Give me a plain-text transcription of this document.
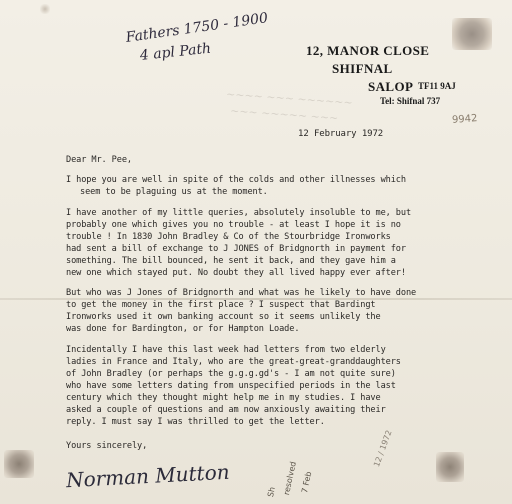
Fathers 1750 - 1900
4 apl Path	12, MANOR CLOSE
SHIFNAL
SALOP TF11 9AJ
Tel: Shifnal 737
~~~~ ~~~ ~~~~~~
~~~ ~~~~~ ~~~	9942
12 February 1972
Dear Mr. Pee,
I hope you are well in spite of the colds and other illnesses which
seem to be plaguing us at the moment.
I have another of my little queries, absolutely insoluble to me, but
probably one which gives you no trouble - at least I hope it is no
trouble ! In 1830 John Bradley & Co of the Stourbridge Ironworks
had sent a bill of exchange to J JONES of Bridgnorth in payment for
something. The bill bounced, he sent it back, and they gave him a
new one which stayed put. No doubt they all lived happy ever after!
But who was J Jones of Bridgnorth and what was he likely to have done
to get the money in the first place ? I suspect that Bardingt
Ironworks used it own banking account so it seems unlikely the
was done for Bardington, or for Hampton Loade.
Incidentally I have this last week had letters from two elderly
ladies in France and Italy, who are the great-great-granddaughters
of John Bradley (or perhaps the g.g.g.gd's - I am not quite sure)
who have some letters dating from unspecified periods in the last
century which they thought might help me in my studies. I have
asked a couple of questions and am now anxiously awaiting their
reply. I must say I was thrilled to get the letter.
Yours sincerely,
Norman Mutton	Sh resolved 7 Feb
12 / 1972
